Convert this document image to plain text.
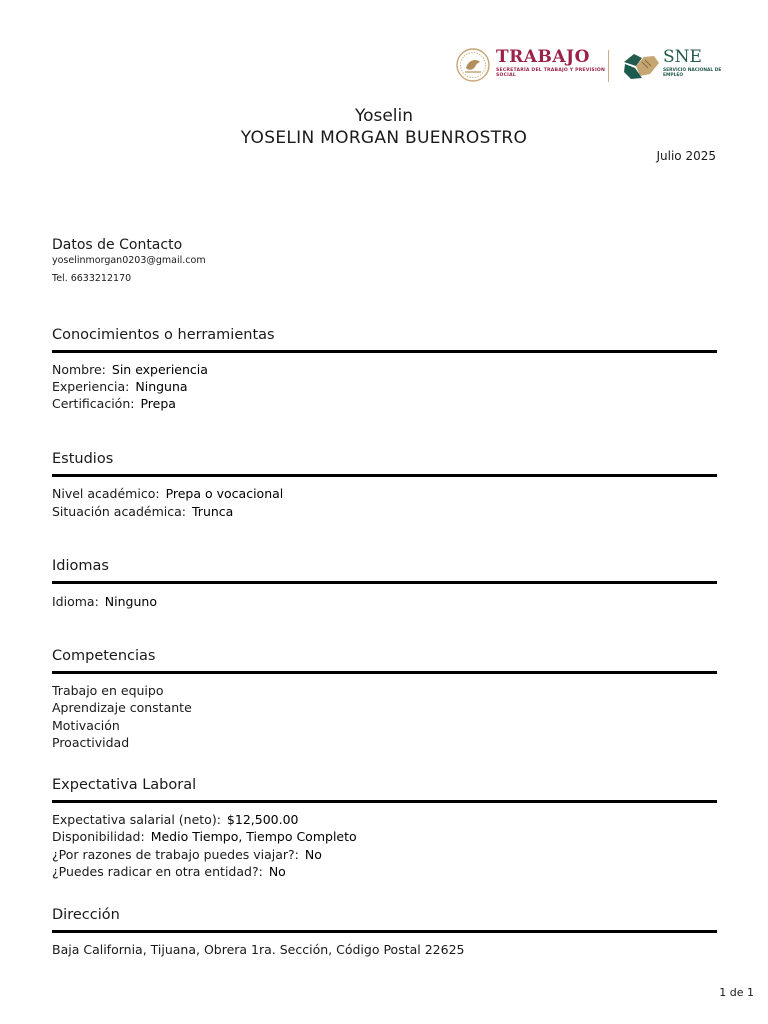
TRABAJO
SECRETARÍA DEL TRABAJO Y PREVISIÓN SOCIAL
SNE
SERVICIO NACIONAL DE EMPLEO
Yoselin
YOSELIN MORGAN BUENROSTRO
Julio 2025
Datos de Contacto
yoselinmorgan0203@gmail.com
Tel. 6633212170
Conocimientos o herramientas
Nombre: Sin experiencia
Experiencia: Ninguna
Certificación: Prepa
Estudios
Nivel académico: Prepa o vocacional
Situación académica: Trunca
Idiomas
Idioma: Ninguno
Competencias
Trabajo en equipo
Aprendizaje constante
Motivación
Proactividad
Expectativa Laboral
Expectativa salarial (neto): $12,500.00
Disponibilidad: Medio Tiempo, Tiempo Completo
¿Por razones de trabajo puedes viajar?: No
¿Puedes radicar en otra entidad?: No
Dirección
Baja California, Tijuana, Obrera 1ra. Sección, Código Postal 22625
1 de 1
